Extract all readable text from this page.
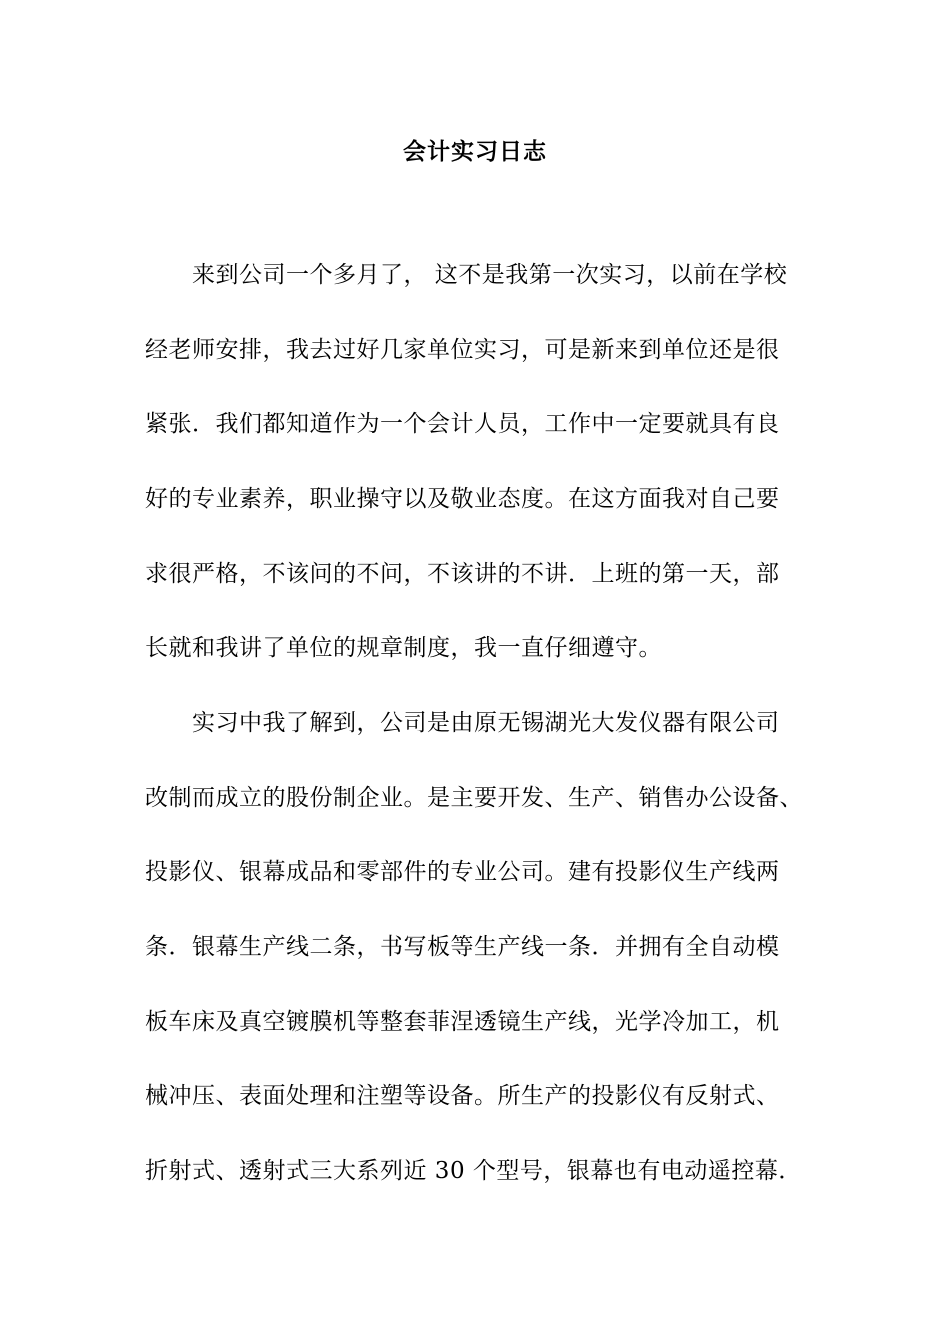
会计实习日志
来到公司一个多月了， 这不是我第一次实习，以前在学校
经老师安排，我去过好几家单位实习，可是新来到单位还是很
紧张．我们都知道作为一个会计人员，工作中一定要就具有良
好的专业素养，职业操守以及敬业态度。在这方面我对自己要
求很严格，不该问的不问，不该讲的不讲．上班的第一天，部
长就和我讲了单位的规章制度，我一直仔细遵守。
实习中我了解到，公司是由原无锡湖光大发仪器有限公司
改制而成立的股份制企业。是主要开发、生产、销售办公设备、
投影仪、银幕成品和零部件的专业公司。建有投影仪生产线两
条．银幕生产线二条，书写板等生产线一条．并拥有全自动模
板车床及真空镀膜机等整套菲涅透镜生产线，光学冷加工，机
械冲压、表面处理和注塑等设备。所生产的投影仪有反射式、
折射式、透射式三大系列近 30 个型号，银幕也有电动遥控幕．
